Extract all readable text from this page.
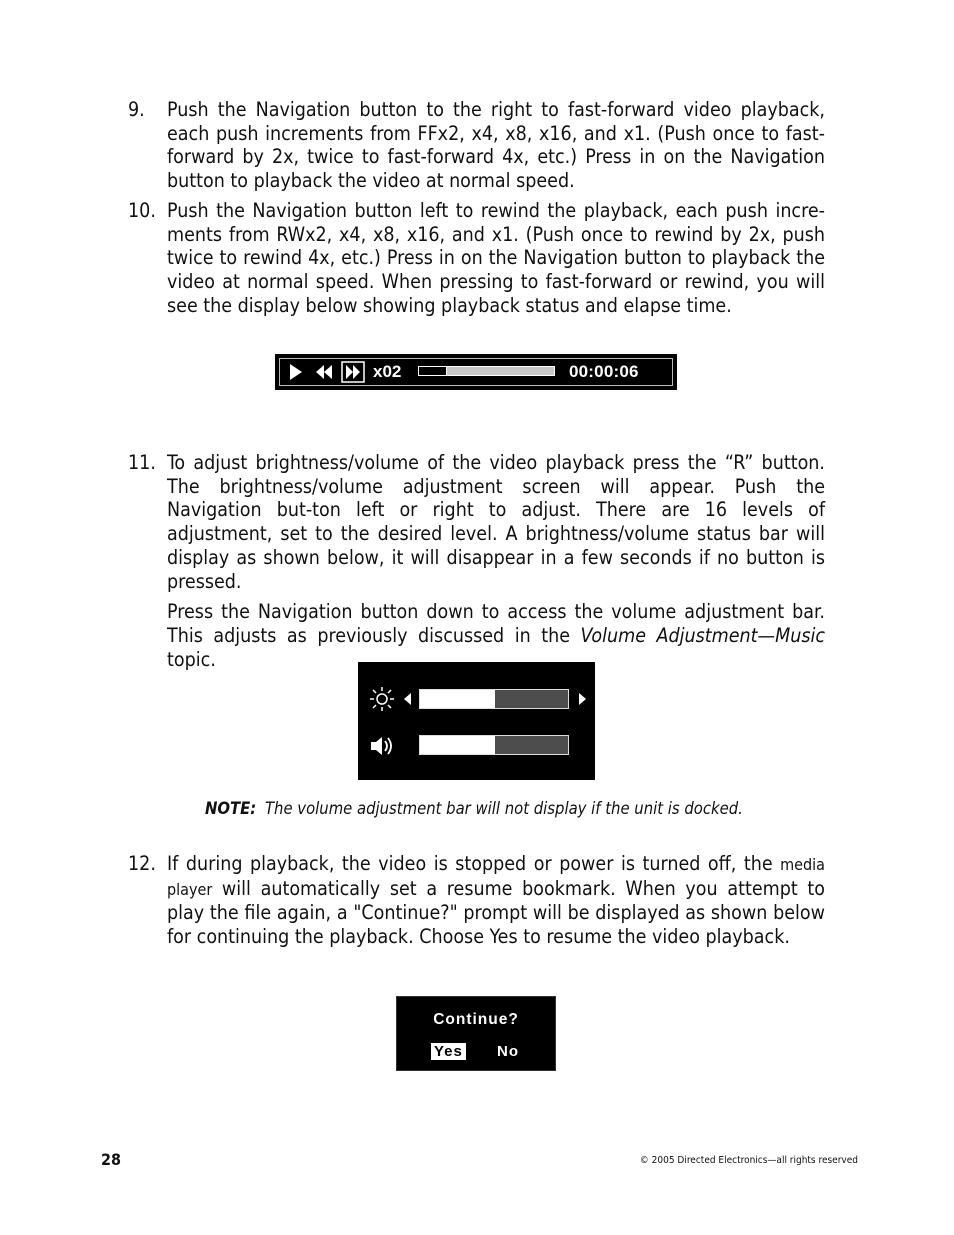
9. Push the Navigation button to the right to fast-forward video playback, each push increments from FFx2, x4, x8, x16, and x1. (Push once to fast-forward by 2x, twice to fast-forward 4x, etc.) Press in on the Navigation button to playback the video at normal speed.

10. Push the Navigation button left to rewind the playback, each push incre-ments from RWx2, x4, x8, x16, and x1. (Push once to rewind by 2x, push twice to rewind 4x, etc.) Press in on the Navigation button to playback the video at normal speed. When pressing to fast-forward or rewind, you will see the display below showing playback status and elapse time.

x02	00:00:06
11. To adjust brightness/volume of the video playback press the “R” button. The brightness/volume adjustment screen will appear. Push the Navigation but-ton left or right to adjust. There are 16 levels of adjustment, set to the desired level. A brightness/volume status bar will display as shown below, it will disappear in a few seconds if no button is pressed.

Press the Navigation button down to access the volume adjustment bar. This adjusts as previously discussed in the Volume Adjustment—Music topic.

NOTE: The volume adjustment bar will not display if the unit is docked.
12. If during playback, the video is stopped or power is turned off, the media player will automatically set a resume bookmark. When you attempt to play the file again, a "Continue?" prompt will be displayed as shown below for continuing the playback. Choose Yes to resume the video playback.

Continue?
Yes No
28	© 2005 Directed Electronics—all rights reserved
